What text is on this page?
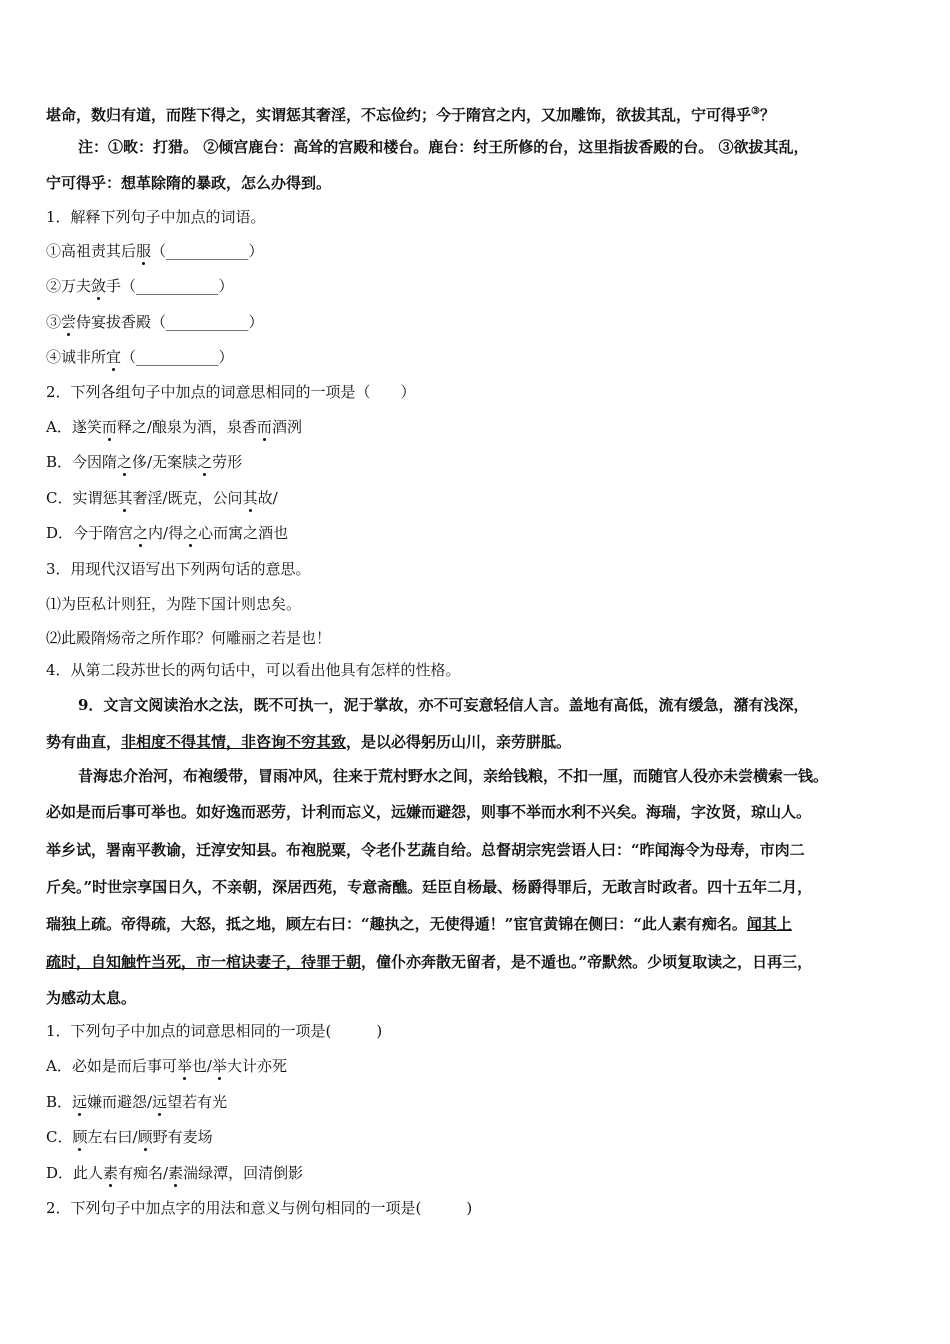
堪命，数归有道，而陛下得之，实谓惩其奢淫，不忘俭约；今于隋宫之内，又加雕饰，欲拔其乱，宁可得乎③？
注：①畋：打猎。 ②倾宫鹿台：高耸的宫殿和楼台。鹿台：纣王所修的台，这里指拔香殿的台。 ③欲拔其乱，
宁可得乎：想革除隋的暴政，怎么办得到。
1．解释下列句子中加点的词语。
①高祖责其后服（___________）
②万夫敛手（___________）
③尝侍宴拔香殿（___________）
④诚非所宜（___________）
2．下列各组句子中加点的词意思相同的一项是（　　）
A．遂笑而释之/酿泉为酒，泉香而酒洌
B．今因隋之侈/无案牍之劳形
C．实谓惩其奢淫/既克，公问其故/
D．今于隋宫之内/得之心而寓之酒也
3．用现代汉语写出下列两句话的意思。
⑴为臣私计则狂，为陛下国计则忠矣。
⑵此殿隋炀帝之所作耶？何雕丽之若是也！
4．从第二段苏世长的两句话中，可以看出他具有怎样的性格。
9．文言文阅读治水之法，既不可执一，泥于掌故，亦不可妄意轻信人言。盖地有高低，流有缓急，潴有浅深，
势有曲直，非相度不得其情，非咨询不穷其致，是以必得躬历山川，亲劳胼胝。
昔海忠介治河，布袍缓带，冒雨冲风，往来于荒村野水之间，亲给钱粮，不扣一厘，而随官人役亦未尝横索一钱。
必如是而后事可举也。如好逸而恶劳，计利而忘义，远嫌而避怨，则事不举而水利不兴矣。海瑞，字汝贤，琼山人。
举乡试，署南平教谕，迁淳安知县。布袍脱粟，令老仆艺蔬自给。总督胡宗宪尝语人曰：“昨闻海令为母寿，市肉二
斤矣。”时世宗享国日久，不亲朝，深居西苑，专意斋醮。廷臣自杨最、杨爵得罪后，无敢言时政者。四十五年二月，
瑞独上疏。帝得疏，大怒，抵之地，顾左右曰：“趣执之，无使得遁！”宦官黄锦在侧曰：“此人素有痴名。闻其上
疏时，自知触忤当死，市一棺诀妻子，待罪于朝，僮仆亦奔散无留者，是不遁也。”帝默然。少顷复取读之，日再三，
为感动太息。
1．下列句子中加点的词意思相同的一项是(　　　)
A．必如是而后事可举也/举大计亦死
B．远嫌而避怨/远望若有光
C．顾左右曰/顾野有麦场
D．此人素有痴名/素湍绿潭，回清倒影
2．下列句子中加点字的用法和意义与例句相同的一项是(　　　)
